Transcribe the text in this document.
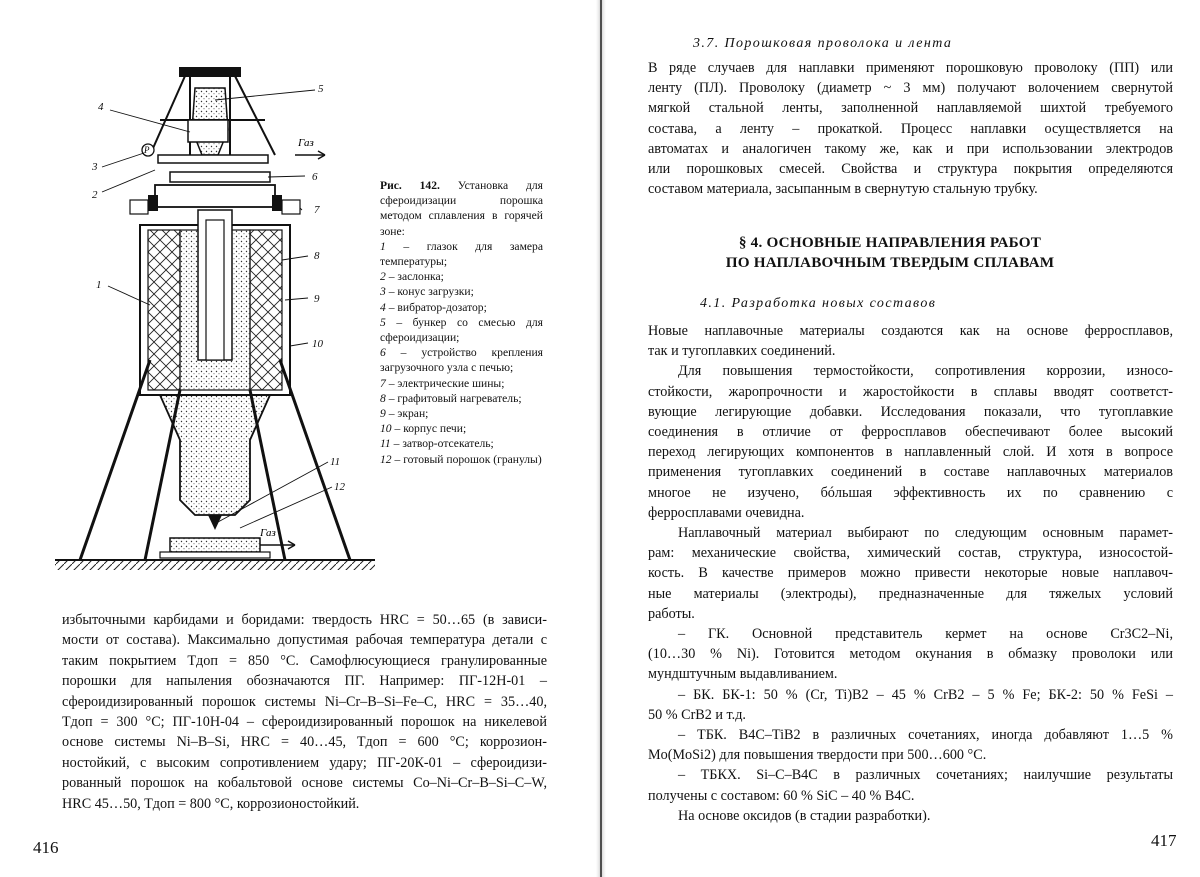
Газ
Газ
P
1
2
3
4
5
6
7
8
9
10
11
12
Рис. 142. Установка для сфероидизации порошка методом сплавления в горячей зоне:
1 – глазок для замера температуры;
2 – заслонка;
3 – конус загрузки;
4 – вибратор-дозатор;
5 – бункер со смесью для сфероидизации;
6 – устройство крепления загрузочного узла с печью;
7 – электрические шины;
8 – графитовый нагреватель;
9 – экран;
10 – корпус печи;
11 – затвор-отсекатель;
12 – готовый порошок (гранулы)
избыточными карбидами и боридами: твердость HRC = 50…65 (в зависи-
мости от состава). Максимально допустимая рабочая температура детали с
таким покрытием Tдоп = 850 °C. Самофлюсующиеся гранулированные
порошки для напыления обозначаются ПГ. Например: ПГ-12Н-01 –
сфероидизированный порошок системы Ni–Cr–B–Si–Fe–C, HRC = 35…40,
Tдоп = 300 °C; ПГ-10Н-04 – сфероидизированный порошок на никелевой
основе системы Ni–B–Si, HRC = 40…45, Tдоп = 600 °C; коррозион-
ностойкий, с высоким сопротивлением удару; ПГ-20К-01 – сфероидизи-
рованный порошок на кобальтовой основе системы Co–Ni–Cr–B–Si–C–W,
HRC 45…50, Tдоп = 800 °C, коррозионостойкий.
416
3.7. Порошковая проволока и лента
В ряде случаев для наплавки применяют порошковую проволоку (ПП) или
ленту (ПЛ). Проволоку (диаметр ~ 3 мм) получают волочением свернутой
мягкой стальной ленты, заполненной наплавляемой шихтой требуемого
состава, а ленту – прокаткой. Процесс наплавки осуществляется на
автоматах и аналогичен такому же, как и при использовании электродов
или порошковых смесей. Свойства и структура покрытия определяются
составом материала, засыпанным в свернутую стальную трубку.
§ 4. ОСНОВНЫЕ НАПРАВЛЕНИЯ РАБОТ
ПО НАПЛАВОЧНЫМ ТВЕРДЫМ СПЛАВАМ
4.1. Разработка новых составов
Новые наплавочные материалы создаются как на основе ферросплавов,
так и тугоплавких соединений.
Для повышения термостойкости, сопротивления коррозии, износо-
стойкости, жаропрочности и жаростойкости в сплавы вводят соответст-
вующие легирующие добавки. Исследования показали, что тугоплавкие
соединения в отличие от ферросплавов обеспечивают более высокий
переход легирующих компонентов в наплавленный слой. И хотя в вопросе
применения тугоплавких соединений в составе наплавочных материалов
многое не изучено, бóльшая эффективность их по сравнению с
ферросплавами очевидна.
Наплавочный материал выбирают по следующим основным парамет-
рам: механические свойства, химический состав, структура, износостой-
кость. В качестве примеров можно привести некоторые новые наплавоч-
ные материалы (электроды), предназначенные для тяжелых условий
работы.
– ГК. Основной представитель кермет на основе Cr3C2–Ni,
(10…30 % Ni). Готовится методом окунания в обмазку проволоки или
мундштучным выдавливанием.
– БК. БК-1: 50 % (Cr, Ti)B2 – 45 % CrB2 – 5 % Fe; БК-2: 50 % FeSi –
50 % CrB2 и т.д.
– ТБК. B4C–TiB2 в различных сочетаниях, иногда добавляют 1…5 %
Mo(MoSi2) для повышения твердости при 500…600 °C.
– ТБКХ. Si–C–B4C в различных сочетаниях; наилучшие результаты
получены с составом: 60 % SiC – 40 % B4C.
На основе оксидов (в стадии разработки).
417
